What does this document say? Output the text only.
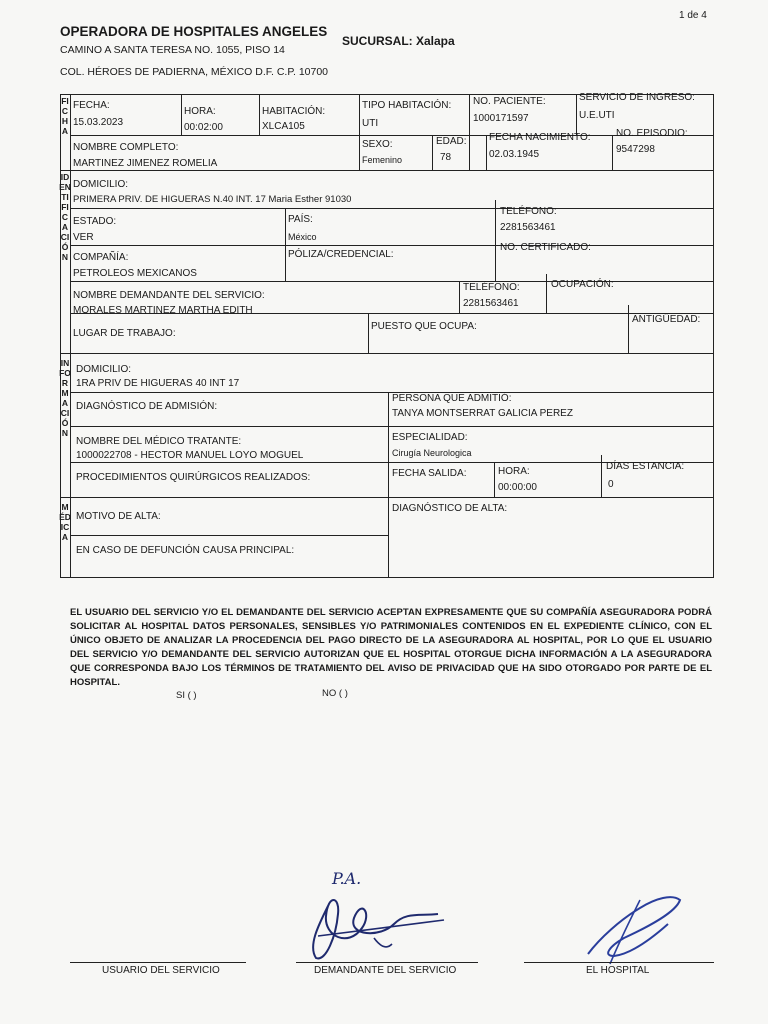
1 de 4
OPERADORA DE HOSPITALES ANGELES
SUCURSAL: Xalapa
CAMINO A SANTA TERESA NO. 1055, PISO 14
COL. HÉROES DE PADIERNA, MÉXICO D.F. C.P. 10700
FICHA
IDENTIFICACIÓN
INFORMACIÓN
MÉDICA
FECHA:
15.03.2023
HORA:
00:02:00
HABITACIÓN:
XLCA105
TIPO HABITACIÓN:
UTI
NO. PACIENTE:
1000171597
SERVICIO DE INGRESO:
U.E.UTI
NOMBRE COMPLETO:
MARTINEZ JIMENEZ ROMELIA
SEXO:
Femenino
EDAD:
78
FECHA NACIMIENTO:
02.03.1945
NO. EPISODIO:
9547298
DOMICILIO:
PRIMERA PRIV. DE HIGUERAS N.40 INT. 17 Maria Esther 91030
ESTADO:
VER
PAÍS:
México
TELÉFONO:
2281563461
COMPAÑÍA:
PETROLEOS MEXICANOS
PÓLIZA/CREDENCIAL:
NO. CERTIFICADO:
NOMBRE DEMANDANTE DEL SERVICIO:
MORALES MARTINEZ MARTHA EDITH
TELÉFONO:
2281563461
OCUPACIÓN:
LUGAR DE TRABAJO:
PUESTO QUE OCUPA:
ANTIGÜEDAD:
DOMICILIO:
1RA PRIV DE HIGUERAS 40 INT 17
DIAGNÓSTICO DE ADMISIÓN:
PERSONA QUE ADMITIÓ:
TANYA MONTSERRAT GALICIA PEREZ
NOMBRE DEL MÉDICO TRATANTE:
1000022708 - HECTOR MANUEL LOYO MOGUEL
ESPECIALIDAD:
Cirugía Neurologica
PROCEDIMIENTOS QUIRÚRGICOS REALIZADOS:	FECHA SALIDA:	HORA:
00:00:00
DÍAS ESTANCIA:
0
MOTIVO DE ALTA:
DIAGNÓSTICO DE ALTA:
EN CASO DE DEFUNCIÓN CAUSA PRINCIPAL:
EL USUARIO DEL SERVICIO Y/O EL DEMANDANTE DEL SERVICIO ACEPTAN EXPRESAMENTE QUE SU COMPAÑÍA ASEGURADORA PODRÁ SOLICITAR AL HOSPITAL DATOS PERSONALES, SENSIBLES Y/O PATRIMONIALES CONTENIDOS EN EL EXPEDIENTE CLÍNICO, CON EL ÚNICO OBJETO DE ANALIZAR LA PROCEDENCIA DEL PAGO DIRECTO DE LA ASEGURADORA AL HOSPITAL, POR LO QUE EL USUARIO DEL SERVICIO Y/O DEMANDANTE DEL SERVICIO AUTORIZAN QUE EL HOSPITAL OTORGUE DICHA INFORMACIÓN A LA ASEGURADORA QUE CORRESPONDA BAJO LOS TÉRMINOS DE TRATAMIENTO DEL AVISO DE PRIVACIDAD QUE HA SIDO OTORGADO POR PARTE DE EL HOSPITAL.
SI ( )	NO ( )
P.A.
USUARIO DEL SERVICIO	DEMANDANTE DEL SERVICIO	EL HOSPITAL
